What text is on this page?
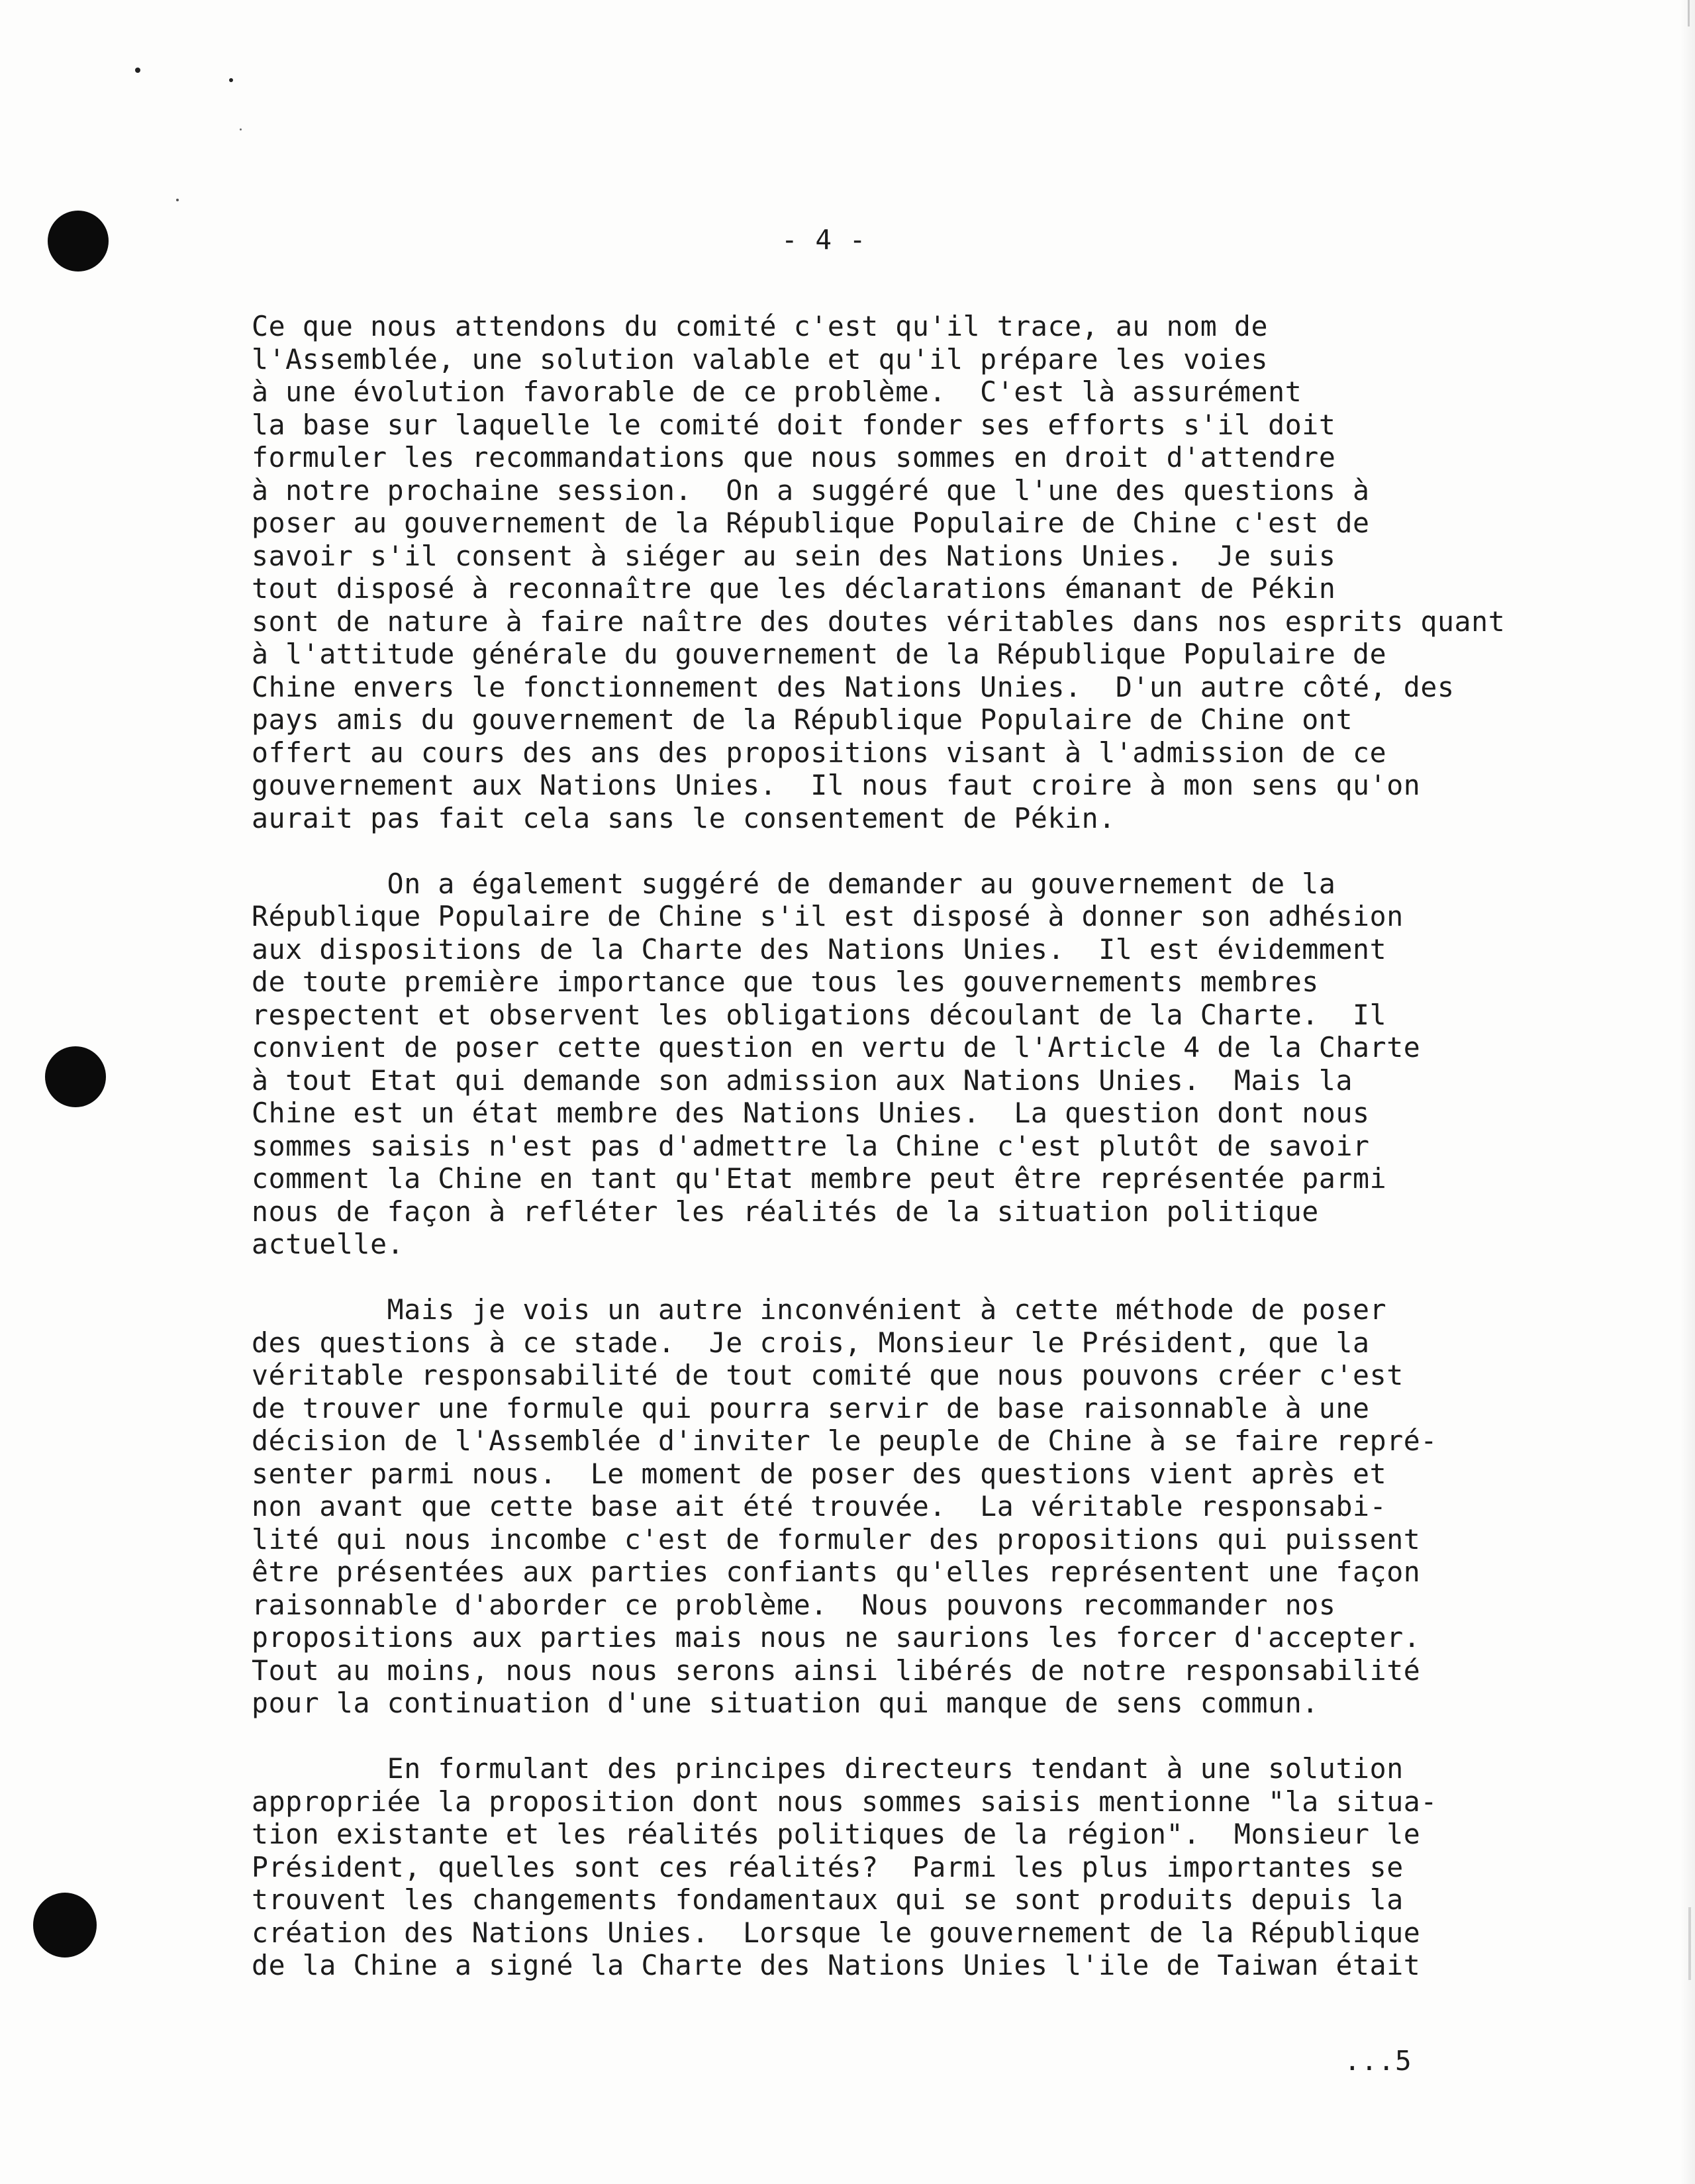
- 4 -
Ce que nous attendons du comité c'est qu'il trace, au nom de
l'Assemblée, une solution valable et qu'il prépare les voies
à une évolution favorable de ce problème.  C'est là assurément
la base sur laquelle le comité doit fonder ses efforts s'il doit
formuler les recommandations que nous sommes en droit d'attendre
à notre prochaine session.  On a suggéré que l'une des questions à
poser au gouvernement de la République Populaire de Chine c'est de
savoir s'il consent à siéger au sein des Nations Unies.  Je suis
tout disposé à reconnaître que les déclarations émanant de Pékin
sont de nature à faire naître des doutes véritables dans nos esprits quant
à l'attitude générale du gouvernement de la République Populaire de
Chine envers le fonctionnement des Nations Unies.  D'un autre côté, des
pays amis du gouvernement de la République Populaire de Chine ont
offert au cours des ans des propositions visant à l'admission de ce
gouvernement aux Nations Unies.  Il nous faut croire à mon sens qu'on
aurait pas fait cela sans le consentement de Pékin.
On a également suggéré de demander au gouvernement de la
République Populaire de Chine s'il est disposé à donner son adhésion
aux dispositions de la Charte des Nations Unies.  Il est évidemment
de toute première importance que tous les gouvernements membres
respectent et observent les obligations découlant de la Charte.  Il
convient de poser cette question en vertu de l'Article 4 de la Charte
à tout Etat qui demande son admission aux Nations Unies.  Mais la
Chine est un état membre des Nations Unies.  La question dont nous
sommes saisis n'est pas d'admettre la Chine c'est plutôt de savoir
comment la Chine en tant qu'Etat membre peut être représentée parmi
nous de façon à refléter les réalités de la situation politique
actuelle.
Mais je vois un autre inconvénient à cette méthode de poser
des questions à ce stade.  Je crois, Monsieur le Président, que la
véritable responsabilité de tout comité que nous pouvons créer c'est
de trouver une formule qui pourra servir de base raisonnable à une
décision de l'Assemblée d'inviter le peuple de Chine à se faire repré-
senter parmi nous.  Le moment de poser des questions vient après et
non avant que cette base ait été trouvée.  La véritable responsabi-
lité qui nous incombe c'est de formuler des propositions qui puissent
être présentées aux parties confiants qu'elles représentent une façon
raisonnable d'aborder ce problème.  Nous pouvons recommander nos
propositions aux parties mais nous ne saurions les forcer d'accepter.
Tout au moins, nous nous serons ainsi libérés de notre responsabilité
pour la continuation d'une situation qui manque de sens commun.
En formulant des principes directeurs tendant à une solution
appropriée la proposition dont nous sommes saisis mentionne "la situa-
tion existante et les réalités politiques de la région".  Monsieur le
Président, quelles sont ces réalités?  Parmi les plus importantes se
trouvent les changements fondamentaux qui se sont produits depuis la
création des Nations Unies.  Lorsque le gouvernement de la République
de la Chine a signé la Charte des Nations Unies l'ile de Taiwan était
...5
